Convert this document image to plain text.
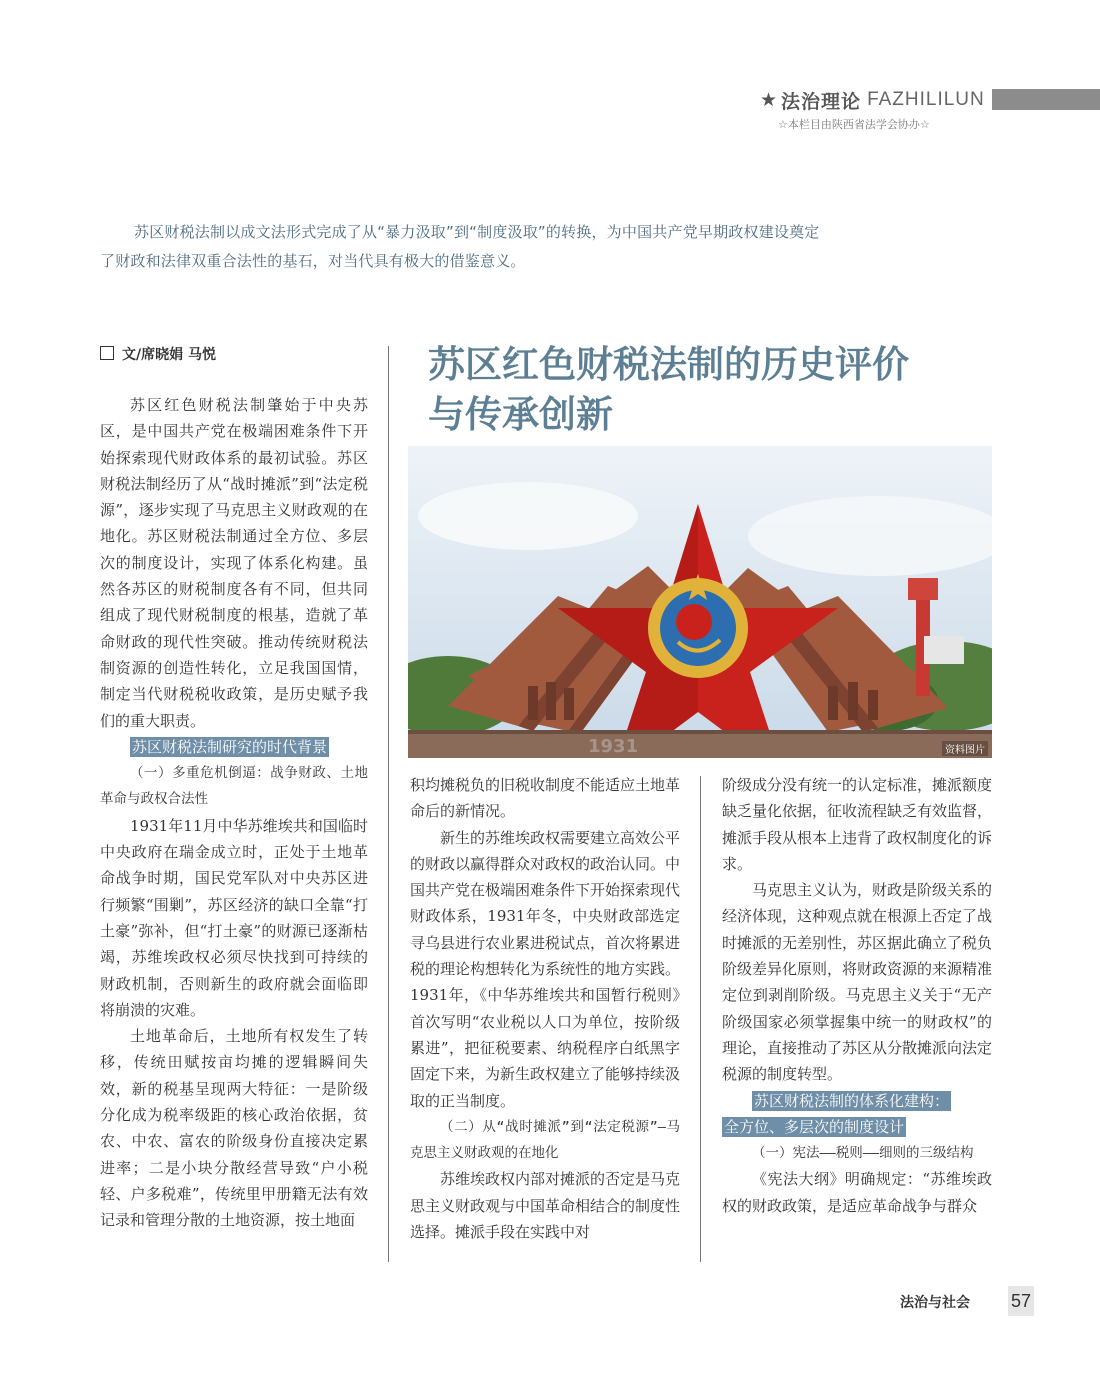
★ 法治理论 FAZHILILUN
☆本栏目由陕西省法学会协办☆
苏区财税法制以成文法形式完成了从“暴力汲取”到“制度汲取”的转换，为中国共产党早期政权建设奠定了财政和法律双重合法性的基石，对当代具有极大的借鉴意义。
文/席晓娟 马悦	苏区红色财税法制的历史评价
与传承创新
1931	资料图片

苏区红色财税法制肇始于中央苏区，是中国共产党在极端困难条件下开始探索现代财政体系的最初试验。苏区财税法制经历了从“战时摊派”到“法定税源”，逐步实现了马克思主义财政观的在地化。苏区财税法制通过全方位、多层次的制度设计，实现了体系化构建。虽然各苏区的财税制度各有不同，但共同组成了现代财税制度的根基，造就了革命财政的现代性突破。推动传统财税法制资源的创造性转化，立足我国国情，制定当代财税税收政策，是历史赋予我们的重大职责。

苏区财税法制研究的时代背景

（一）多重危机倒逼：战争财政、土地革命与政权合法性

1931年11月中华苏维埃共和国临时中央政府在瑞金成立时，正处于土地革命战争时期，国民党军队对中央苏区进行频繁“围剿”，苏区经济的缺口全靠“打土豪”弥补，但“打土豪”的财源已逐渐枯竭，苏维埃政权必须尽快找到可持续的财政机制，否则新生的政府就会面临即将崩溃的灾难。

土地革命后，土地所有权发生了转移，传统田赋按亩均摊的逻辑瞬间失效，新的税基呈现两大特征：一是阶级分化成为税率级距的核心政治依据，贫农、中农、富农的阶级身份直接决定累进率；二是小块分散经营导致“户小税轻、户多税难”，传统里甲册籍无法有效记录和管理分散的土地资源，按土地面

积均摊税负的旧税收制度不能适应土地革命后的新情况。

新生的苏维埃政权需要建立高效公平的财政以赢得群众对政权的政治认同。中国共产党在极端困难条件下开始探索现代财政体系，1931年冬，中央财政部选定寻乌县进行农业累进税试点，首次将累进税的理论构想转化为系统性的地方实践。1931年，《中华苏维埃共和国暂行税则》首次写明“农业税以人口为单位，按阶级累进”，把征税要素、纳税程序白纸黑字固定下来，为新生政权建立了能够持续汲取的正当制度。

（二）从“战时摊派”到“法定税源”—马克思主义财政观的在地化

苏维埃政权内部对摊派的否定是马克思主义财政观与中国革命相结合的制度性选择。摊派手段在实践中对

阶级成分没有统一的认定标准，摊派额度缺乏量化依据，征收流程缺乏有效监督，摊派手段从根本上违背了政权制度化的诉求。

马克思主义认为，财政是阶级关系的经济体现，这种观点就在根源上否定了战时摊派的无差别性，苏区据此确立了税负阶级差异化原则，将财政资源的来源精准定位到剥削阶级。马克思主义关于“无产阶级国家必须掌握集中统一的财政权”的理论，直接推动了苏区从分散摊派向法定税源的制度转型。

苏区财税法制的体系化建构：

全方位、多层次的制度设计

（一）宪法——税则——细则的三级结构

《宪法大纲》明确规定：“苏维埃政权的财政政策，是适应革命战争与群众

法治与社会 57
